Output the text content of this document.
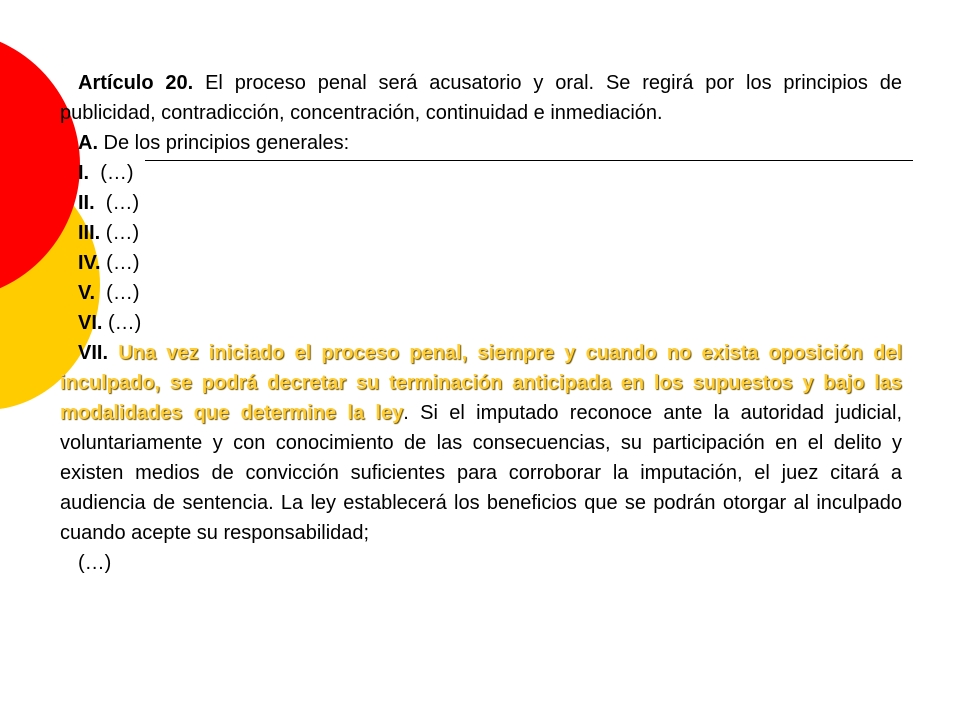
Artículo 20. El proceso penal será acusatorio y oral. Se regirá por los principios de publicidad, contradicción, concentración, continuidad e inmediación.

A. De los principios generales:

I.  (…)

II.  (…)

III. (…)

IV. (…)

V.  (…)

VI. (…)

VII. Una vez iniciado el proceso penal, siempre y cuando no exista oposición del inculpado, se podrá decretar su terminación anticipada en los supuestos y bajo las modalidades que determine la ley. Si el imputado reconoce ante la autoridad judicial, voluntariamente y con conocimiento de las consecuencias, su participación en el delito y existen medios de convicción suficientes para corroborar la imputación, el juez citará a audiencia de sentencia. La ley establecerá los beneficios que se podrán otorgar al inculpado cuando acepte su responsabilidad;

(…)
